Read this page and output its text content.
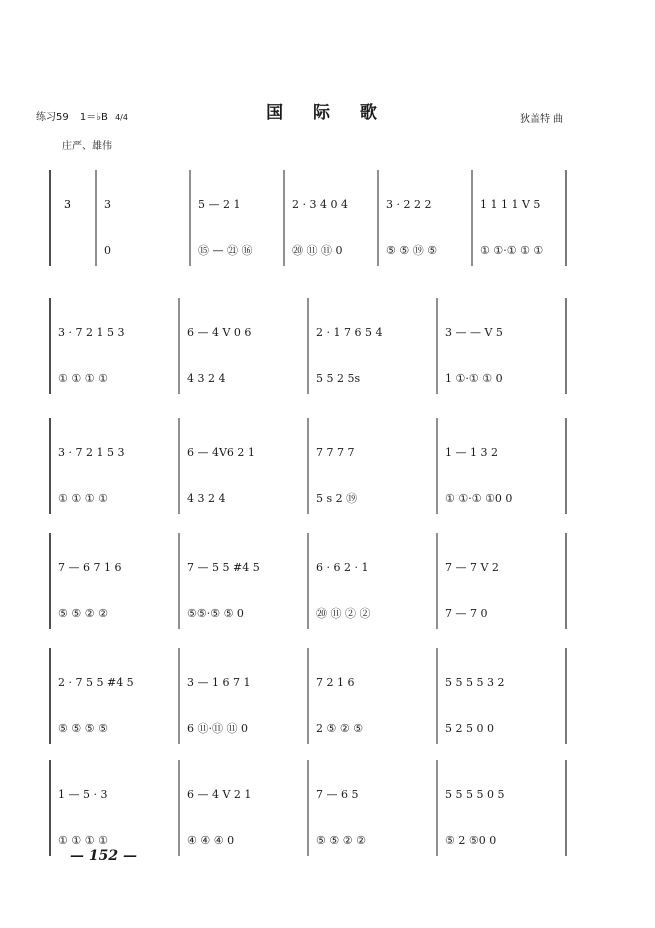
国 际 歌
练习59 1＝♭B 4/4	狄盖特 曲
庄严、雄伟
3
0
5 — 2 1
⑮ — ㉑ ⑯
2 · 3 4 0 4
⑳ ⑪ ⑪ 0
3 · 2 2 2
⑤ ⑤ ⑲ ⑤
1 1 1 1 V 5
① ①·① ① ①
3
3 · 7 2 1 5 3
① ① ① ①
6 — 4 V 0 6
4 3 2 4
2 · 1 7 6 5 4
5 5 2 5s
3 — — V 5
1 ①·① ① 0
3 · 7 2 1 5 3
① ① ① ①
6 — 4V6 2 1
4 3 2 4
7 7 7 7
5 s 2 ⑲
1 — 1 3 2
① ①·① ①0 0
7 — 6 7 1 6
⑤ ⑤ ② ②
7 — 5 5 #4 5
⑤⑤·⑤ ⑤ 0
6 · 6 2 · 1
⑳ ⑪ ② ②
7 — 7 V 2
7 — 7 0
2 · 7 5 5 #4 5
⑤ ⑤ ⑤ ⑤
3 — 1 6 7 1
6 ⑪·⑪ ⑪ 0
7 2 1 6
2 ⑤ ② ⑤
5 5 5 5 3 2
5 2 5 0 0
1 — 5 · 3
① ① ① ①
6 — 4 V 2 1
④ ④ ④ 0
7 — 6 5
⑤ ⑤ ② ②
5 5 5 5 0 5
⑤ 2 ⑤0 0
— 152 —
